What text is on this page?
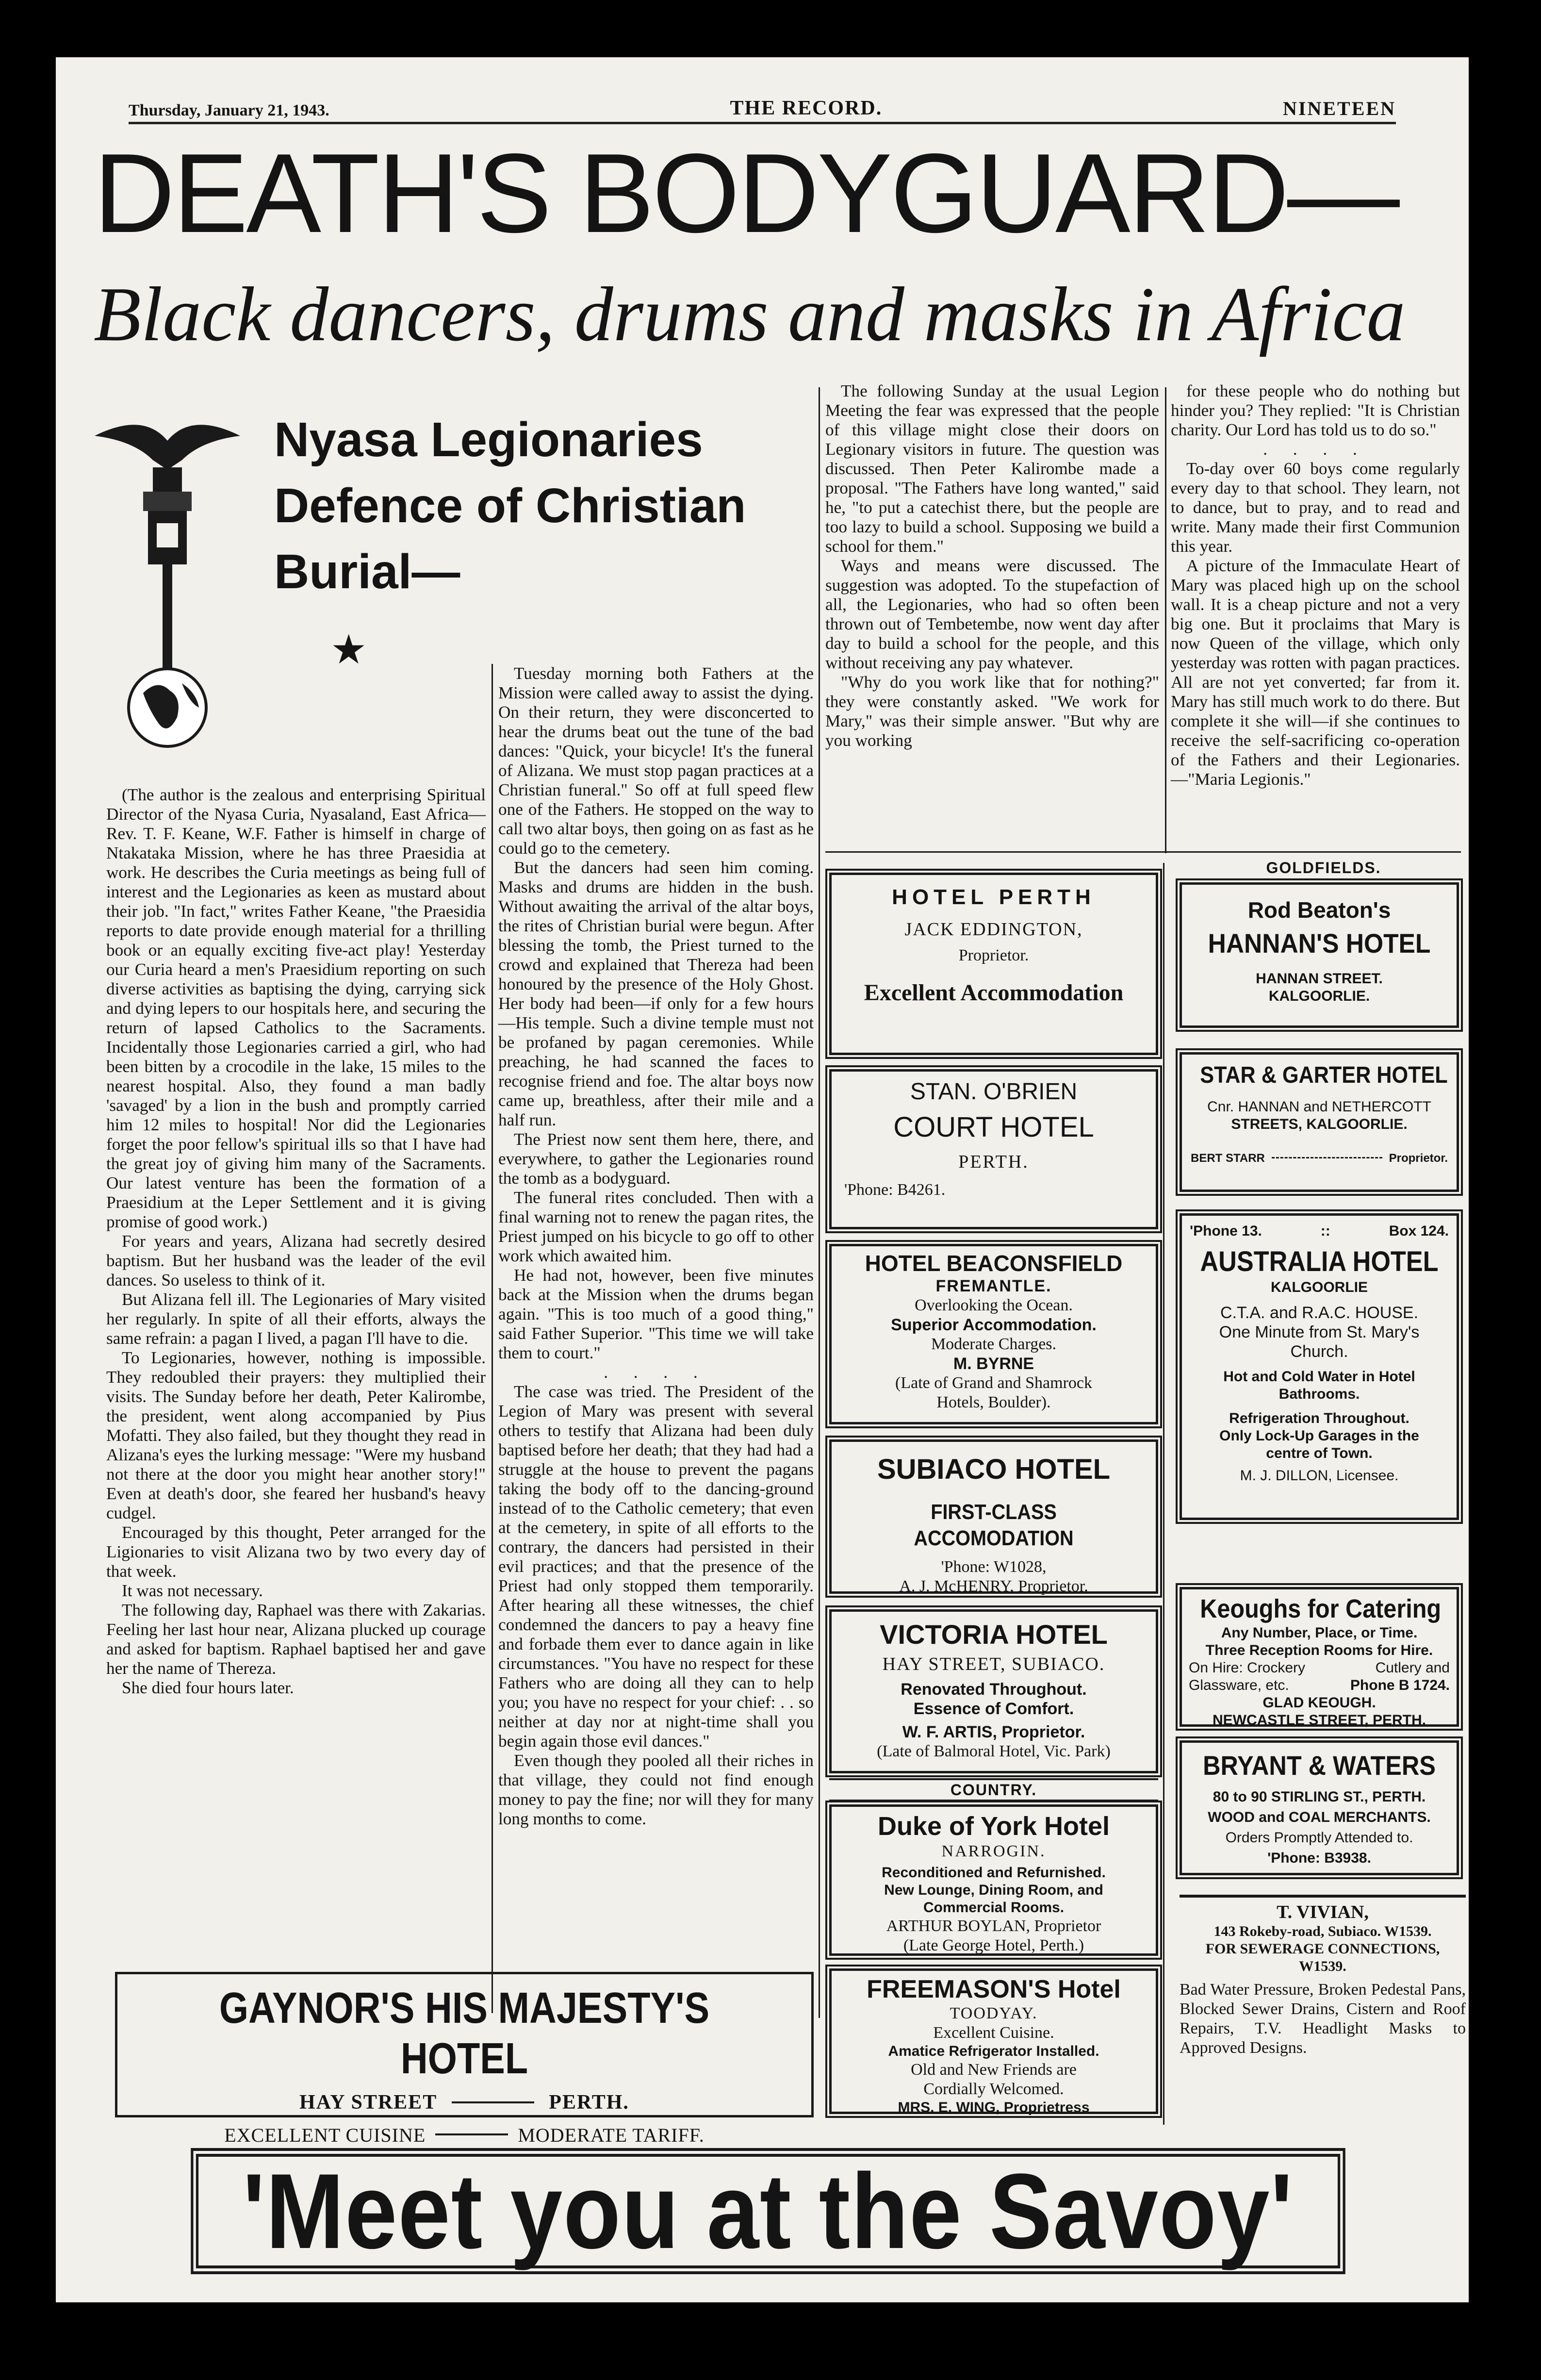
Thursday, January 21, 1943.	THE RECORD.	NINETEEN
DEATH'S BODYGUARD—
Black dancers, drums and masks in Africa
Nyasa Legionaries
Defence of Christian
Burial—
★

(The author is the zealous and enterprising Spiritual Director of the Nyasa Curia, Nyasaland, East Africa—Rev. T. F. Keane, W.F. Father is himself in charge of Ntakataka Mission, where he has three Praesidia at work. He describes the Curia meetings as being full of interest and the Legionaries as keen as mustard about their job. "In fact," writes Father Keane, "the Praesidia reports to date provide enough material for a thrilling book or an equally exciting five-act play! Yesterday our Curia heard a men's Praesidium reporting on such diverse activities as baptising the dying, carrying sick and dying lepers to our hospitals here, and securing the return of lapsed Catholics to the Sacraments. Incidentally those Legionaries carried a girl, who had been bitten by a crocodile in the lake, 15 miles to the nearest hospital. Also, they found a man badly 'savaged' by a lion in the bush and promptly carried him 12 miles to hospital! Nor did the Legionaries forget the poor fellow's spiritual ills so that I have had the great joy of giving him many of the Sacraments. Our latest venture has been the formation of a Praesidium at the Leper Settlement and it is giving promise of good work.)

For years and years, Alizana had secretly desired baptism. But her husband was the leader of the evil dances. So useless to think of it.

But Alizana fell ill. The Legionaries of Mary visited her regularly. In spite of all their efforts, always the same refrain: a pagan I lived, a pagan I'll have to die.

To Legionaries, however, nothing is impossible. They redoubled their prayers: they multiplied their visits. The Sunday before her death, Peter Kalirombe, the president, went along accompanied by Pius Mofatti. They also failed, but they thought they read in Alizana's eyes the lurking message: "Were my husband not there at the door you might hear another story!" Even at death's door, she feared her husband's heavy cudgel.

Encouraged by this thought, Peter arranged for the Ligionaries to visit Alizana two by two every day of that week.

It was not necessary.

The following day, Raphael was there with Zakarias. Feeling her last hour near, Alizana plucked up courage and asked for baptism. Raphael baptised her and gave her the name of Thereza.

She died four hours later.

Tuesday morning both Fathers at the Mission were called away to assist the dying. On their return, they were disconcerted to hear the drums beat out the tune of the bad dances: "Quick, your bicycle! It's the funeral of Alizana. We must stop pagan practices at a Christian funeral." So off at full speed flew one of the Fathers. He stopped on the way to call two altar boys, then going on as fast as he could go to the cemetery.

But the dancers had seen him coming. Masks and drums are hidden in the bush. Without awaiting the arrival of the altar boys, the rites of Christian burial were begun. After blessing the tomb, the Priest turned to the crowd and explained that Thereza had been honoured by the presence of the Holy Ghost. Her body had been—if only for a few hours—His temple. Such a divine temple must not be profaned by pagan ceremonies. While preaching, he had scanned the faces to recognise friend and foe. The altar boys now came up, breathless, after their mile and a half run.

The Priest now sent them here, there, and everywhere, to gather the Legionaries round the tomb as a bodyguard.

The funeral rites concluded. Then with a final warning not to renew the pagan rites, the Priest jumped on his bicycle to go off to other work which awaited him.

He had not, however, been five minutes back at the Mission when the drums began again. "This is too much of a good thing," said Father Superior. "This time we will take them to court."

. . . .

The case was tried. The President of the Legion of Mary was present with several others to testify that Alizana had been duly baptised before her death; that they had had a struggle at the house to prevent the pagans taking the body off to the dancing-ground instead of to the Catholic cemetery; that even at the cemetery, in spite of all efforts to the contrary, the dancers had persisted in their evil practices; and that the presence of the Priest had only stopped them temporarily. After hearing all these witnesses, the chief condemned the dancers to pay a heavy fine and forbade them ever to dance again in like circumstances. "You have no respect for these Fathers who are doing all they can to help you; you have no respect for your chief: . . so neither at day nor at night-time shall you begin again those evil dances."

Even though they pooled all their riches in that village, they could not find enough money to pay the fine; nor will they for many long months to come.

The following Sunday at the usual Legion Meeting the fear was expressed that the people of this village might close their doors on Legionary visitors in future. The question was discussed. Then Peter Kalirombe made a proposal. "The Fathers have long wanted," said he, "to put a catechist there, but the people are too lazy to build a school. Supposing we build a school for them."

Ways and means were discussed. The suggestion was adopted. To the stupefaction of all, the Legionaries, who had so often been thrown out of Tembetembe, now went day after day to build a school for the people, and this without receiving any pay whatever.

"Why do you work like that for nothing?" they were constantly asked. "We work for Mary," was their simple answer. "But why are you working

for these people who do nothing but hinder you? They replied: "It is Christian charity. Our Lord has told us to do so."

. . . .

To-day over 60 boys come regularly every day to that school. They learn, not to dance, but to pray, and to read and write. Many made their first Communion this year.

A picture of the Immaculate Heart of Mary was placed high up on the school wall. It is a cheap picture and not a very big one. But it proclaims that Mary is now Queen of the village, which only yesterday was rotten with pagan practices. All are not yet converted; far from it. Mary has still much work to do there. But complete it she will—if she continues to receive the self-sacrificing co-operation of the Fathers and their Legionaries.—"Maria Legionis."

GAYNOR'S HIS MAJESTY'S HOTEL
HAY STREET	PERTH.
EXCELLENT CUISINE	MODERATE TARIFF.
HOTEL PERTH
JACK EDDINGTON,
Proprietor.
Excellent Accommodation
STAN. O'BRIEN
COURT HOTEL
PERTH.
'Phone: B4261.
HOTEL BEACONSFIELD
FREMANTLE.
Overlooking the Ocean.
Superior Accommodation.
Moderate Charges.
M. BYRNE
(Late of Grand and Shamrock
Hotels, Boulder).
SUBIACO HOTEL
FIRST-CLASS ACCOMODATION
'Phone: W1028,
A. J. McHENRY, Proprietor.
VICTORIA HOTEL
HAY STREET, SUBIACO.
Renovated Throughout.
Essence of Comfort.
W. F. ARTIS, Proprietor.
(Late of Balmoral Hotel, Vic. Park)
COUNTRY.
Duke of York Hotel
NARROGIN.
Reconditioned and Refurnished.
New Lounge, Dining Room, and
Commercial Rooms.
ARTHUR BOYLAN, Proprietor
(Late George Hotel, Perth.)
FREEMASON'S Hotel
TOODYAY.
Excellent Cuisine.
Amatice Refrigerator Installed.
Old and New Friends are
Cordially Welcomed.
MRS. E. WING, Proprietress
GOLDFIELDS.
Rod Beaton's
HANNAN'S HOTEL
HANNAN STREET.
KALGOORLIE.
STAR & GARTER HOTEL
Cnr. HANNAN and NETHERCOTT
STREETS, KALGOORLIE.
BERT STARR	Proprietor.
'Phone 13.	::	Box 124.
AUSTRALIA HOTEL
KALGOORLIE
C.T.A. and R.A.C. HOUSE.
One Minute from St. Mary's
Church.
Hot and Cold Water in Hotel
Bathrooms.
Refrigeration Throughout.
Only Lock-Up Garages in the
centre of Town.
M. J. DILLON, Licensee.
Keoughs for Catering
Any Number, Place, or Time.
Three Reception Rooms for Hire.
On Hire: Crockery	Cutlery and
Glassware, etc.	Phone B 1724.
GLAD KEOUGH.
NEWCASTLE STREET, PERTH.
BRYANT & WATERS
80 to 90 STIRLING ST., PERTH.
WOOD and COAL MERCHANTS.
Orders Promptly Attended to.
'Phone: B3938.
T. VIVIAN,
143 Rokeby-road, Subiaco. W1539.
FOR SEWERAGE CONNECTIONS,
W1539.
Bad Water Pressure, Broken Pedestal Pans, Blocked Sewer Drains, Cistern and Roof Repairs, T.V. Headlight Masks to Approved Designs.
'Meet you at the Savoy'
